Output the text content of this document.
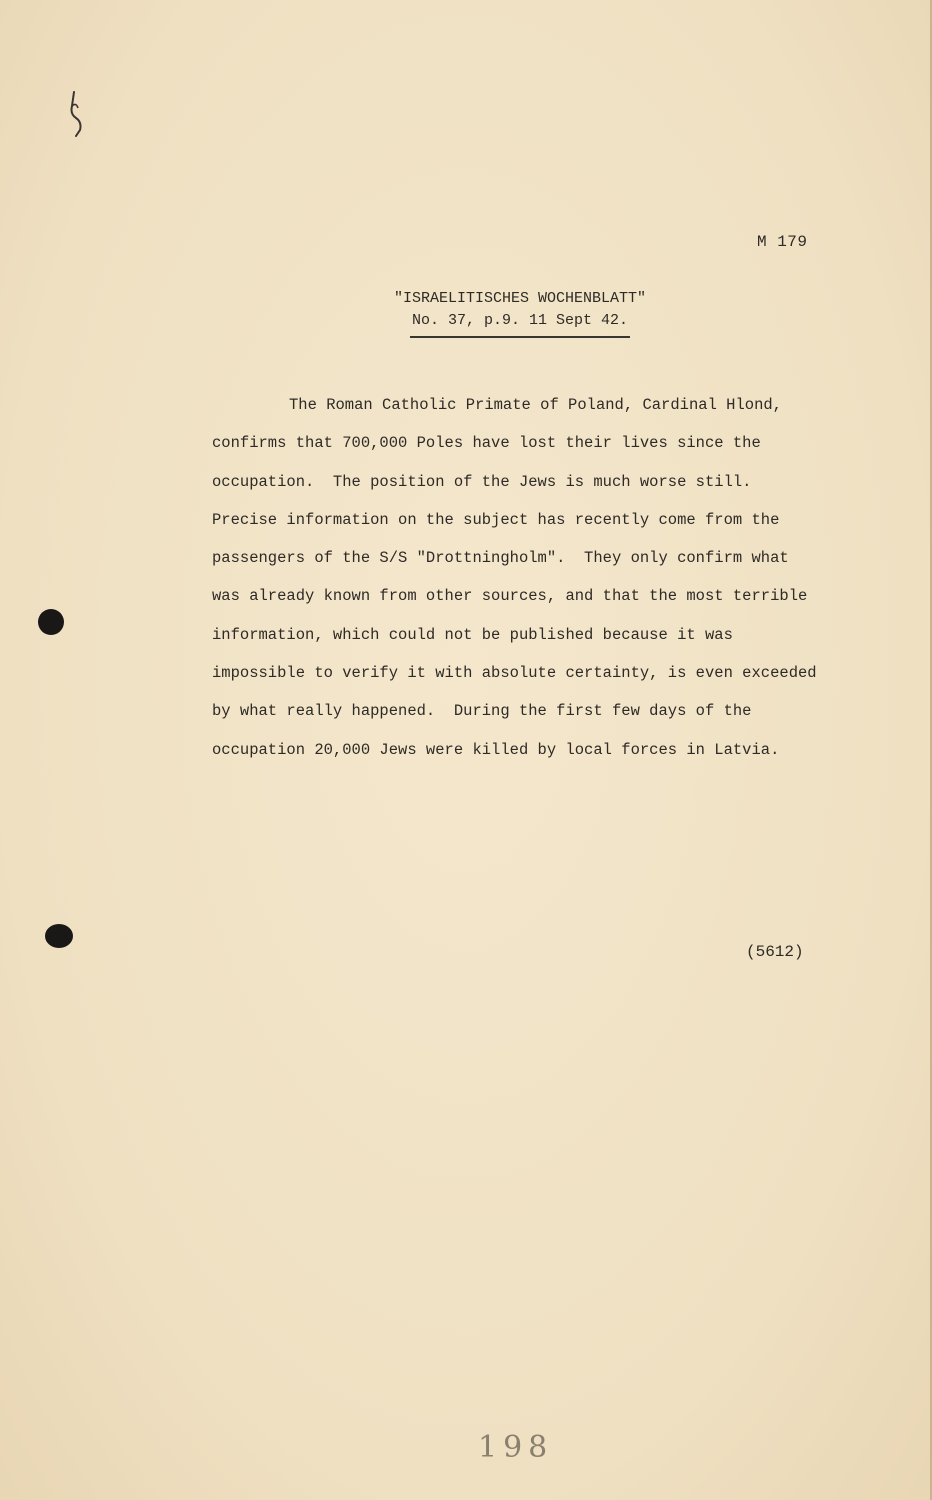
M 179
"ISRAELITISCHES WOCHENBLATT"
No. 37, p.9. 11 Sept 42.
The Roman Catholic Primate of Poland, Cardinal Hlond,
confirms that 700,000 Poles have lost their lives since the
occupation.  The position of the Jews is much worse still.
Precise information on the subject has recently come from the
passengers of the S/S "Drottningholm".  They only confirm what
was already known from other sources, and that the most terrible
information, which could not be published because it was
impossible to verify it with absolute certainty, is even exceeded
by what really happened.  During the first few days of the
occupation 20,000 Jews were killed by local forces in Latvia.
(5612)
198
